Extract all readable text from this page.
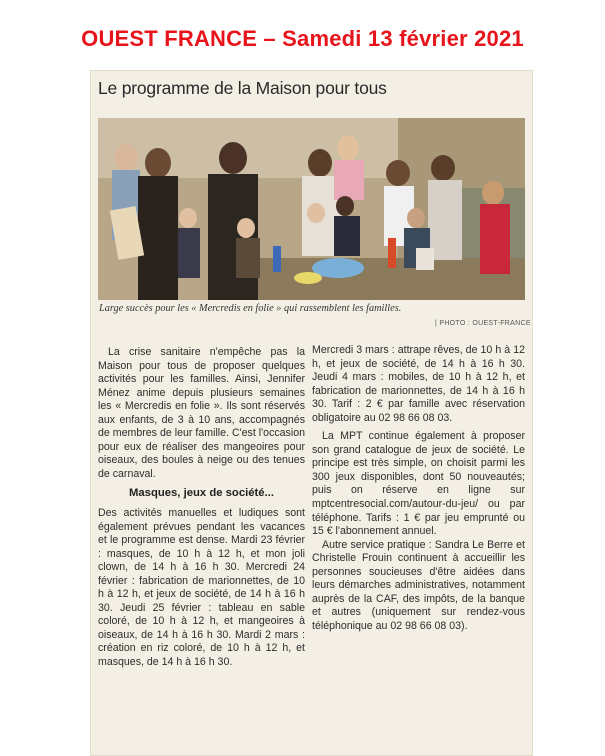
OUEST FRANCE – Samedi 13 février 2021
Le programme de la Maison pour tous
Large succès pour les « Mercredis en folie » qui rassemblent les familles.
| PHOTO : OUEST-FRANCE

La crise sanitaire n'empêche pas la Maison pour tous de proposer quelques activités pour les familles. Ainsi, Jennifer Ménez anime depuis plusieurs semaines les « Mercredis en folie ». Ils sont réservés aux enfants, de 3 à 10 ans, accompagnés de membres de leur famille. C'est l'occasion pour eux de réaliser des mangeoires pour oiseaux, des boules à neige ou des tenues de carnaval.

Masques, jeux de société...

Des activités manuelles et ludiques sont également prévues pendant les vacances et le programme est dense. Mardi 23 février : masques, de 10 h à 12 h, et mon joli clown, de 14 h à 16 h 30. Mercredi 24 février : fabrication de marionnettes, de 10 h à 12 h, et jeux de société, de 14 h à 16 h 30. Jeudi 25 février : tableau en sable coloré, de 10 h à 12 h, et mangeoires à oiseaux, de 14 h à 16 h 30. Mardi 2 mars : création en riz coloré, de 10 h à 12 h, et masques, de 14 h à 16 h 30.

Mercredi 3 mars : attrape rêves, de 10 h à 12 h, et jeux de société, de 14 h à 16 h 30. Jeudi 4 mars : mobiles, de 10 h à 12 h, et fabrication de marionnettes, de 14 h à 16 h 30. Tarif : 2 € par famille avec réservation obligatoire au 02 98 66 08 03.

La MPT continue également à proposer son grand catalogue de jeux de société. Le principe est très simple, on choisit parmi les 300 jeux disponibles, dont 50 nouveautés; puis on réserve en ligne sur mptcentresocial.com/autour-du-jeu/ ou par téléphone. Tarifs : 1 € par jeu emprunté ou 15 € l'abonnement annuel.

Autre service pratique : Sandra Le Berre et Christelle Frouin continuent à accueillir les personnes soucieuses d'être aidées dans leurs démarches administratives, notamment auprès de la CAF, des impôts, de la banque et autres (uniquement sur rendez-vous téléphonique au 02 98 66 08 03).
